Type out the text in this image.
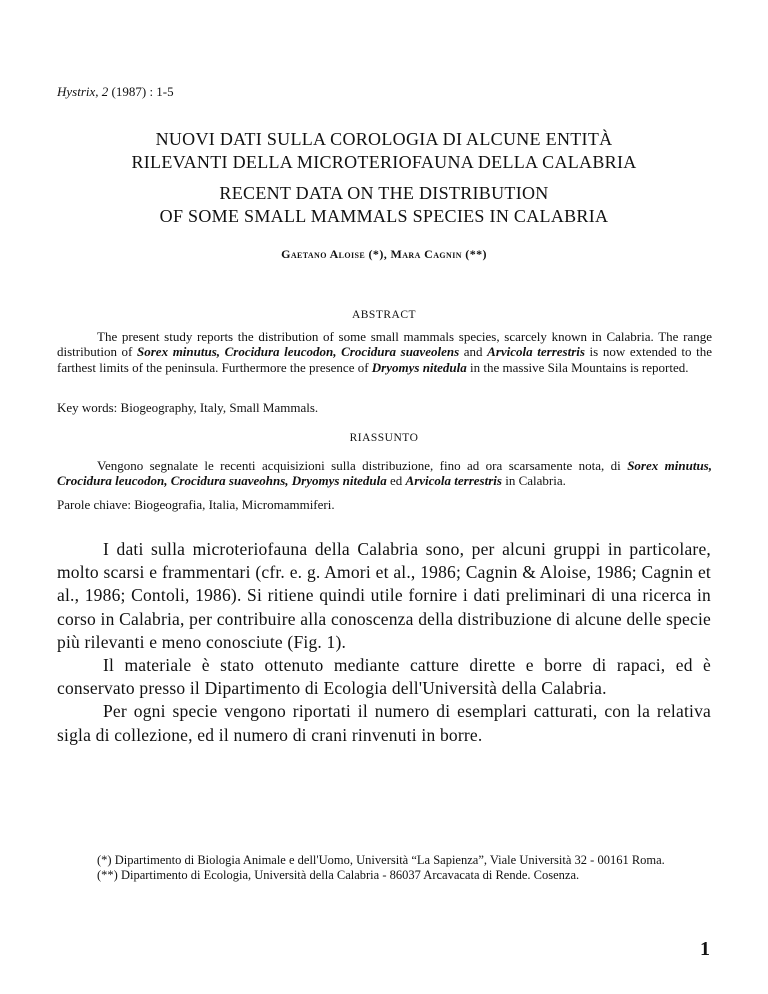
Hystrix, 2 (1987) : 1-5
NUOVI DATI SULLA COROLOGIA DI ALCUNE ENTITÀ
RILEVANTI DELLA MICROTERIOFAUNA DELLA CALABRIA
RECENT DATA ON THE DISTRIBUTION
OF SOME SMALL MAMMALS SPECIES IN CALABRIA
Gaetano Aloise (*), Mara Cagnin (**)
ABSTRACT
The present study reports the distribution of some small mammals species, scarcely known in Calabria. The range distribution of Sorex minutus, Crocidura leucodon, Crocidura suaveolens and Arvicola terrestris is now extended to the farthest limits of the peninsula. Furthermore the presence of Dryomys nitedula in the massive Sila Mountains is reported.
Key words: Biogeography, Italy, Small Mammals.
RIASSUNTO
Vengono segnalate le recenti acquisizioni sulla distribuzione, fino ad ora scarsamente nota, di Sorex minutus, Crocidura leucodon, Crocidura suaveohns, Dryomys nitedula ed Arvicola terrestris in Calabria.
Parole chiave: Biogeografia, Italia, Micromammiferi.

I dati sulla microteriofauna della Calabria sono, per alcuni gruppi in particolare, molto scarsi e frammentari (cfr. e. g. Amori et al., 1986; Cagnin & Aloise, 1986; Cagnin et al., 1986; Contoli, 1986). Si ritiene quindi utile fornire i dati preliminari di una ricerca in corso in Calabria, per contribuire alla conoscenza della distribuzione di alcune delle specie più rilevanti e meno conosciute (Fig. 1).

Il materiale è stato ottenuto mediante catture dirette e borre di rapaci, ed è conservato presso il Dipartimento di Ecologia dell'Università della Calabria.

Per ogni specie vengono riportati il numero di esemplari catturati, con la relativa sigla di collezione, ed il numero di crani rinvenuti in borre.

(*) Dipartimento di Biologia Animale e dell'Uomo, Università “La Sapienza”, Viale Università 32 - 00161 Roma.

(**) Dipartimento di Ecologia, Università della Calabria - 86037 Arcavacata di Rende. Cosenza.

1
